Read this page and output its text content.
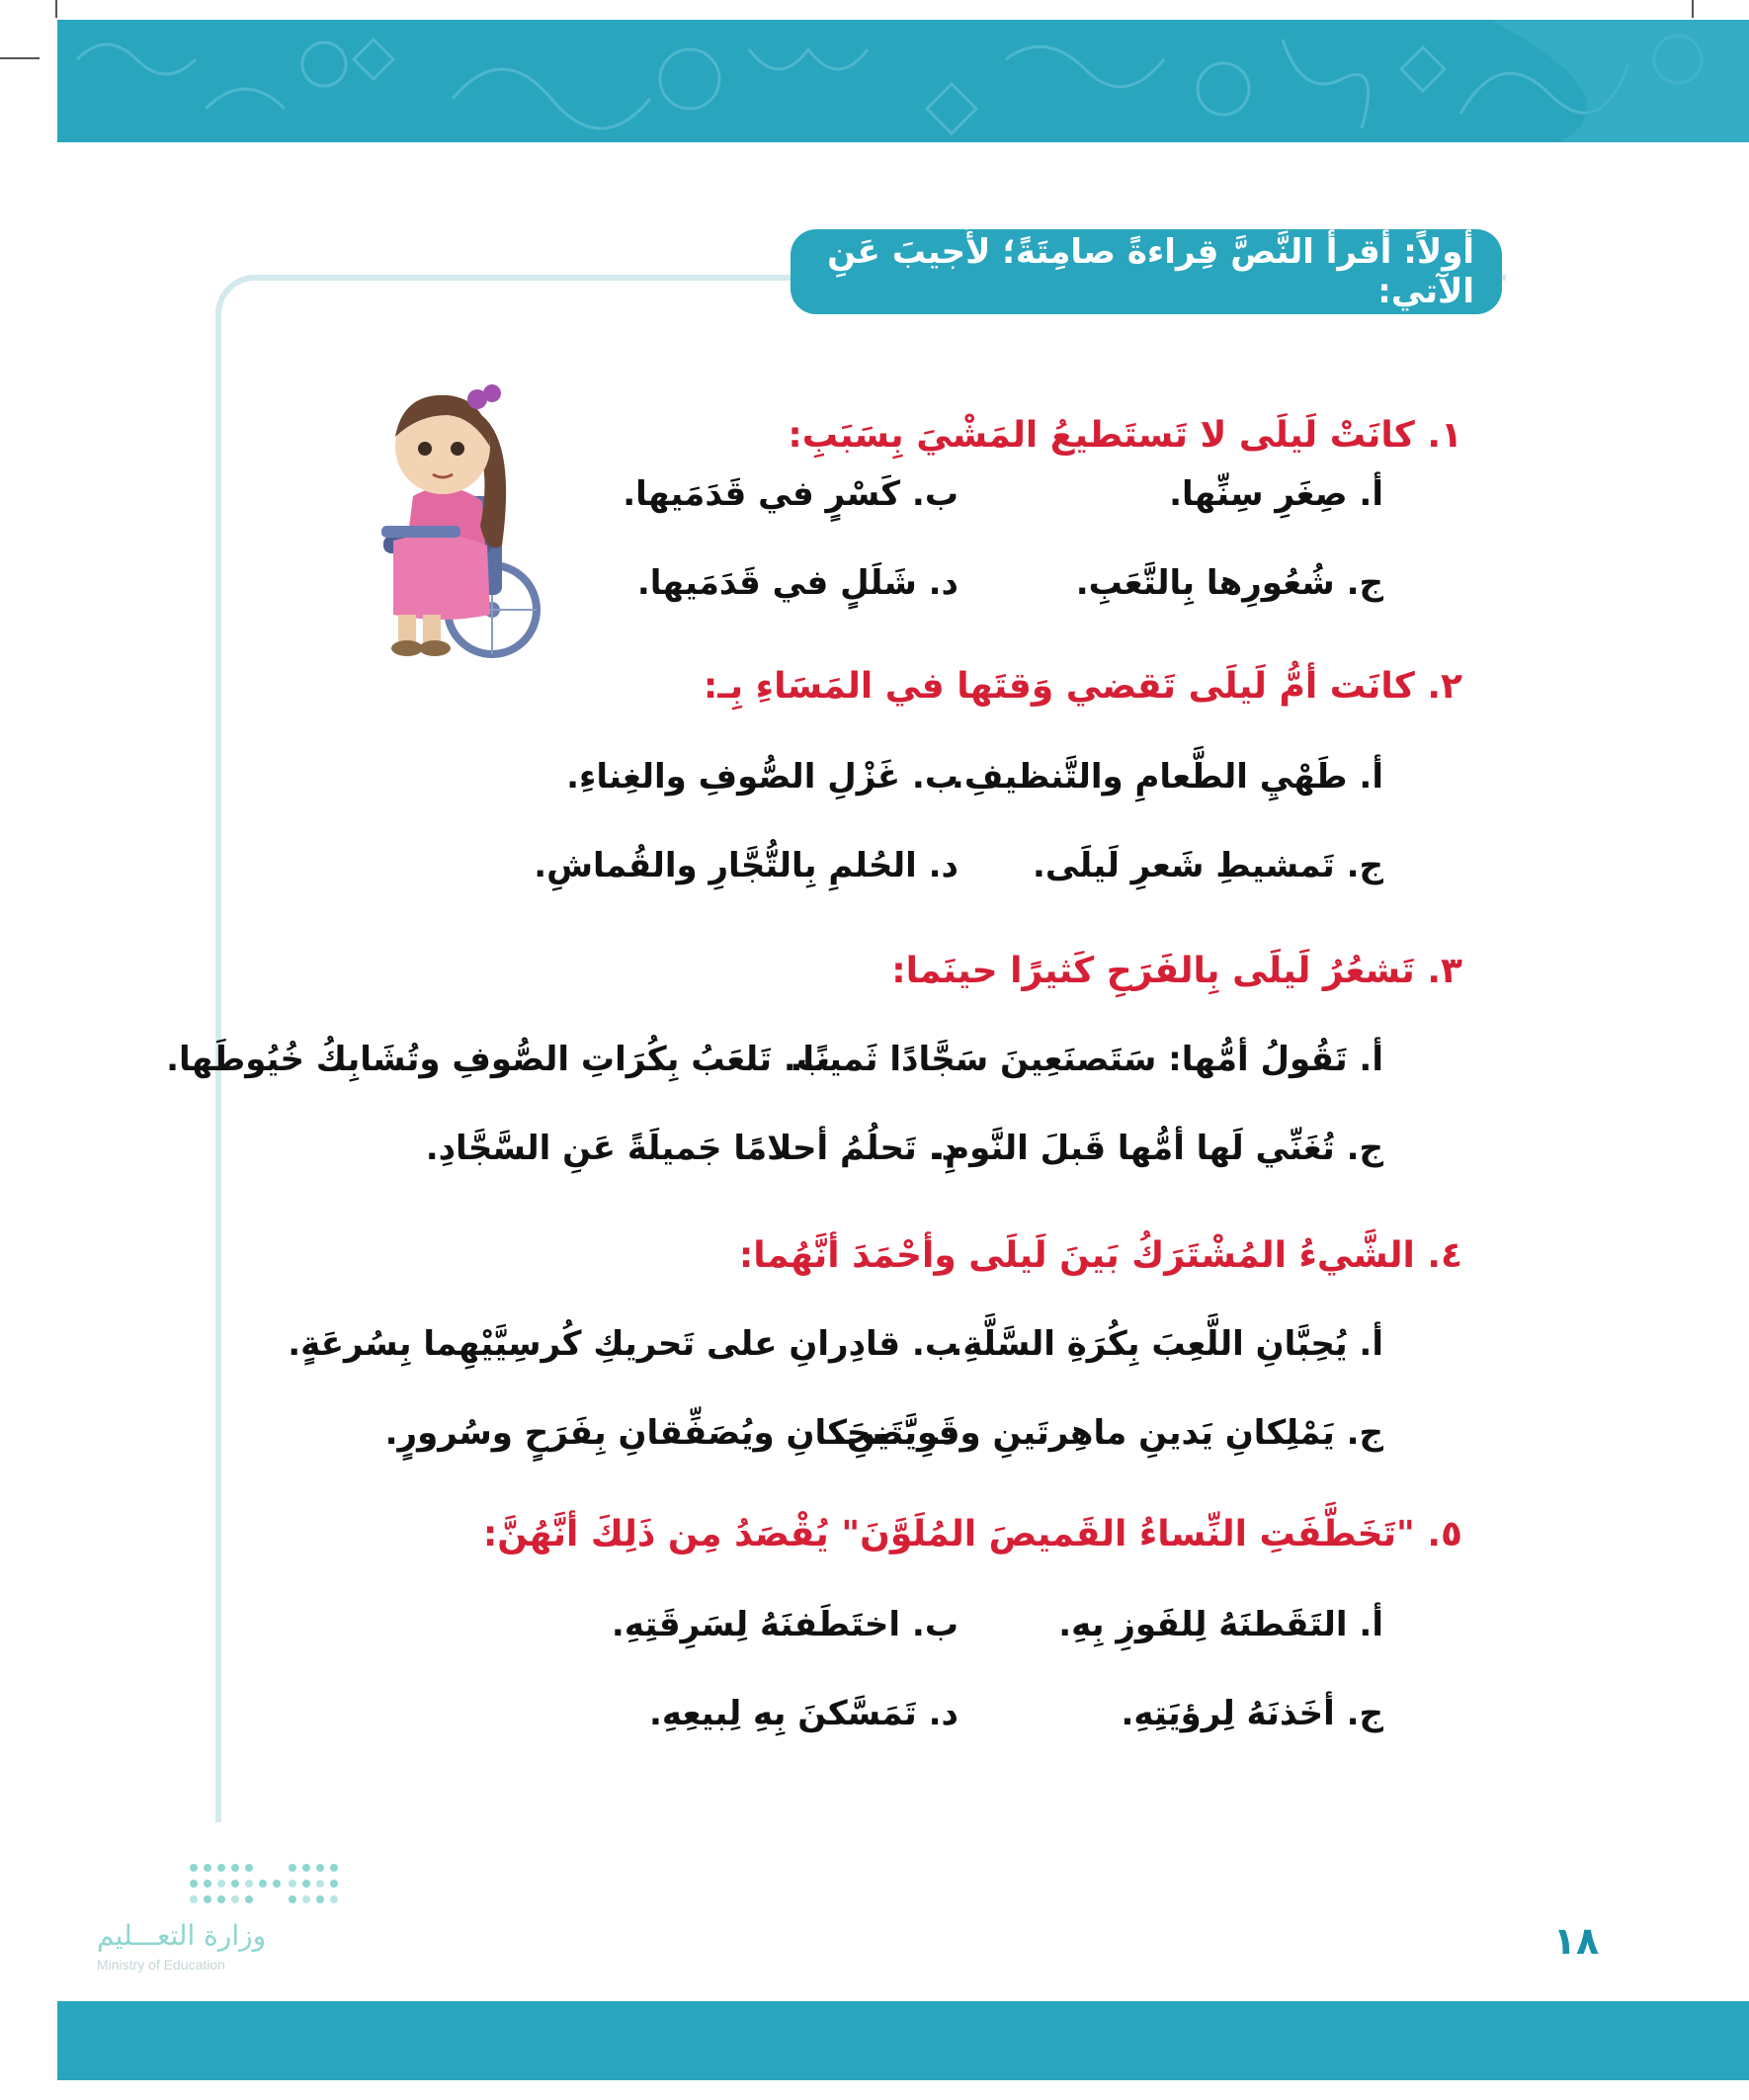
أولاً: أقرأُ النَّصَّ قِراءةً صامِتَةً؛ لأُجيبَ عَنِ الآتي:
١. كانَتْ لَيلَى لا تَستَطيعُ المَشْيَ بِسَبَبِ:
أ. صِغَرِ سِنِّها.
ب. كَسْرٍ في قَدَمَيها.
ج. شُعُورِها بِالتَّعَبِ.
د. شَلَلٍ في قَدَمَيها.
٢. كانَت أمُّ لَيلَى تَقضي وَقتَها في المَسَاءِ بِـ:
أ. طَهْيِ الطَّعامِ والتَّنظيفِ.
ب. غَزْلِ الصُّوفِ والغِناءِ.
ج. تَمشيطِ شَعرِ لَيلَى.
د. الحُلمِ بِالتُّجَّارِ والقُماشِ.
٣. تَشعُرُ لَيلَى بِالفَرَحِ كَثيرًا حينَما:
أ. تَقُولُ أمُّها: سَتَصنَعِينَ سَجَّادًا ثَمينًا.
ب. تَلعَبُ بِكُرَاتِ الصُّوفِ وتُشَابِكُ خُيُوطَها.
ج. تُغَنِّي لَها أمُّها قَبلَ النَّومِ.
د. تَحلُمُ أحلامًا جَميلَةً عَنِ السَّجَّادِ.
٤. الشَّيءُ المُشْتَرَكُ بَينَ لَيلَى وأحْمَدَ أنَّهُما:
أ. يُحِبَّانِ اللَّعِبَ بِكُرَةِ السَّلَّةِ.
ب. قادِرانِ على تَحريكِ كُرسِيَّيْهِما بِسُرعَةٍ.
ج. يَمْلِكانِ يَدينِ ماهِرتَينِ وقَوِيَّتَينِ.
د. يَضحَكانِ ويُصَفِّقانِ بِفَرَحٍ وسُرورٍ.
٥. "تَخَطَّفَتِ النِّساءُ القَميصَ المُلَوَّنَ" يُقْصَدُ مِن ذَلِكَ أنَّهُنَّ:
أ. التَقَطنَهُ لِلفَوزِ بِهِ.
ب. اختَطَفنَهُ لِسَرِقَتِهِ.
ج. أخَذنَهُ لِرؤيَتِهِ.
د. تَمَسَّكنَ بِهِ لِبيعِهِ.
وزارة التعـــليم
Ministry of Education
١٨
